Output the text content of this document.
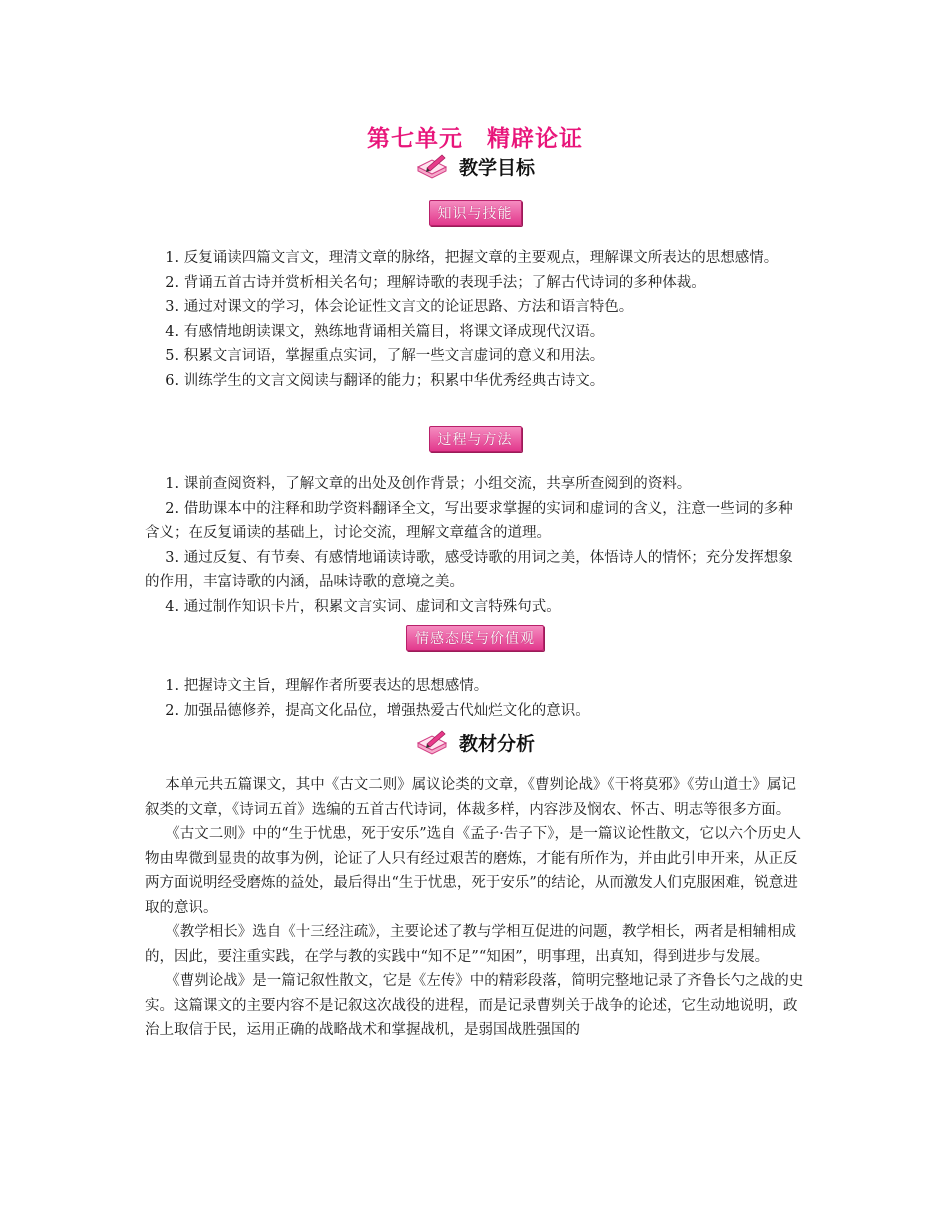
第七单元　精辟论证
教学目标
知识与技能

1. 反复诵读四篇文言文，理清文章的脉络，把握文章的主要观点，理解课文所表达的思想感情。

2. 背诵五首古诗并赏析相关名句；理解诗歌的表现手法；了解古代诗词的多种体裁。

3. 通过对课文的学习，体会论证性文言文的论证思路、方法和语言特色。

4. 有感情地朗读课文，熟练地背诵相关篇目，将课文译成现代汉语。

5. 积累文言词语，掌握重点实词，了解一些文言虚词的意义和用法。

6. 训练学生的文言文阅读与翻译的能力；积累中华优秀经典古诗文。

过程与方法

1. 课前查阅资料，了解文章的出处及创作背景；小组交流，共享所查阅到的资料。

2. 借助课本中的注释和助学资料翻译全文，写出要求掌握的实词和虚词的含义，注意一些词的多种含义；在反复诵读的基础上，讨论交流，理解文章蕴含的道理。

3. 通过反复、有节奏、有感情地诵读诗歌，感受诗歌的用词之美，体悟诗人的情怀；充分发挥想象的作用，丰富诗歌的内涵，品味诗歌的意境之美。

4. 通过制作知识卡片，积累文言实词、虚词和文言特殊句式。

情感态度与价值观

1. 把握诗文主旨，理解作者所要表达的思想感情。

2. 加强品德修养，提高文化品位，增强热爱古代灿烂文化的意识。

教材分析

本单元共五篇课文，其中《古文二则》属议论类的文章，《曹刿论战》《干将莫邪》《劳山道士》属记叙类的文章，《诗词五首》选编的五首古代诗词，体裁多样，内容涉及悯农、怀古、明志等很多方面。

《古文二则》中的“生于忧患，死于安乐”选自《孟子·告子下》，是一篇议论性散文，它以六个历史人物由卑微到显贵的故事为例，论证了人只有经过艰苦的磨炼，才能有所作为，并由此引申开来，从正反两方面说明经受磨炼的益处，最后得出“生于忧患，死于安乐”的结论，从而激发人们克服困难，锐意进取的意识。

《教学相长》选自《十三经注疏》，主要论述了教与学相互促进的问题，教学相长，两者是相辅相成的，因此，要注重实践，在学与教的实践中“知不足”“知困”，明事理，出真知，得到进步与发展。

《曹刿论战》是一篇记叙性散文，它是《左传》中的精彩段落，简明完整地记录了齐鲁长勺之战的史实。这篇课文的主要内容不是记叙这次战役的进程，而是记录曹刿关于战争的论述，它生动地说明，政治上取信于民，运用正确的战略战术和掌握战机，是弱国战胜强国的
